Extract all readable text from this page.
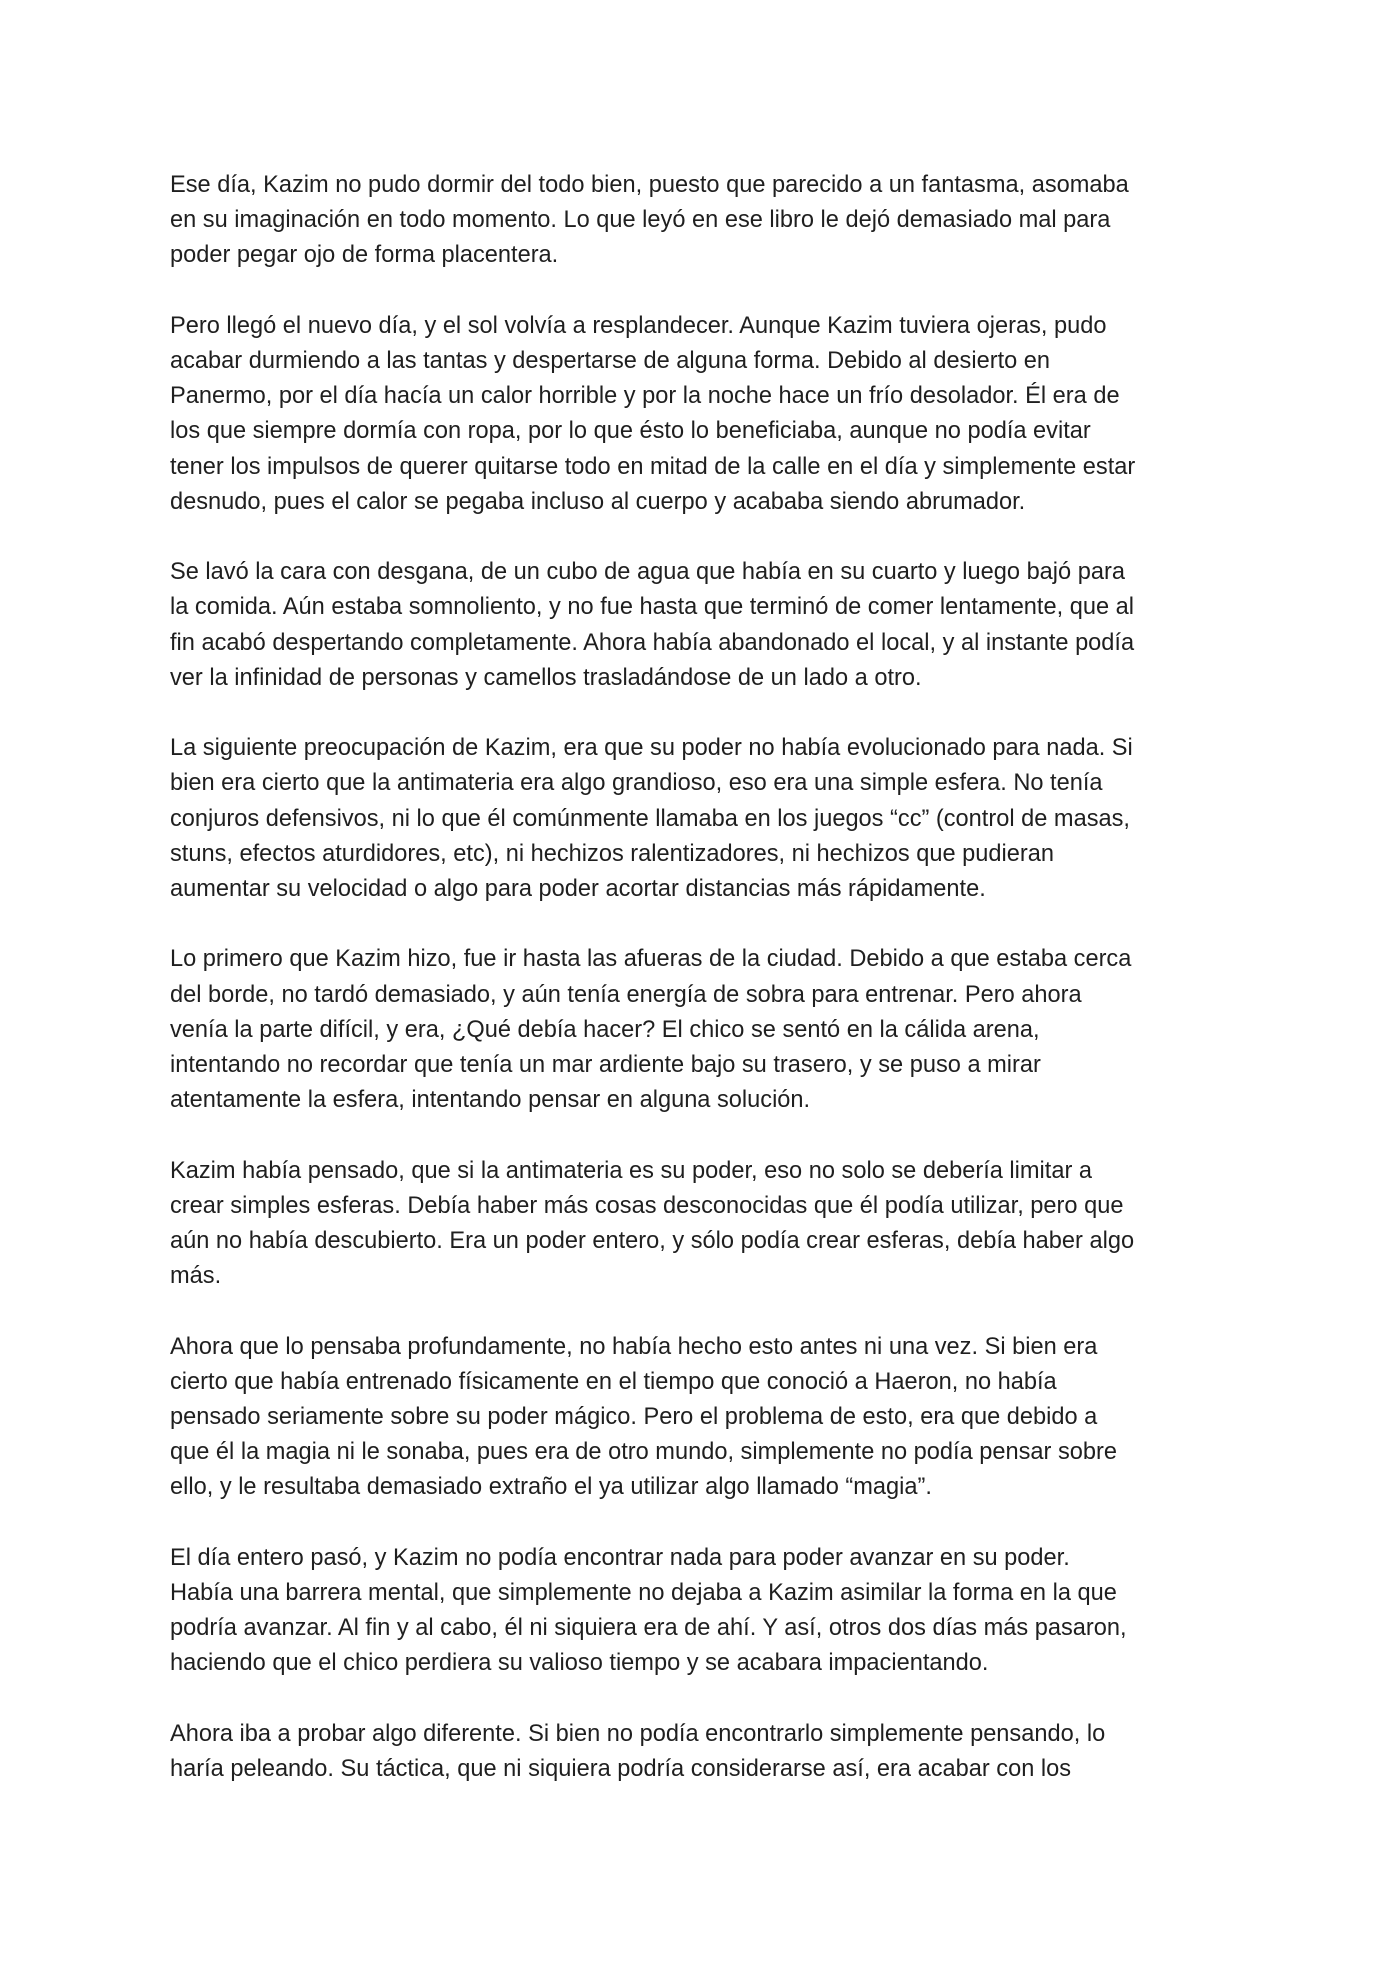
Ese día, Kazim no pudo dormir del todo bien, puesto que parecido a un fantasma, asomaba
en su imaginación en todo momento. Lo que leyó en ese libro le dejó demasiado mal para
poder pegar ojo de forma placentera.

Pero llegó el nuevo día, y el sol volvía a resplandecer. Aunque Kazim tuviera ojeras, pudo
acabar durmiendo a las tantas y despertarse de alguna forma. Debido al desierto en
Panermo, por el día hacía un calor horrible y por la noche hace un frío desolador. Él era de
los que siempre dormía con ropa, por lo que ésto lo beneficiaba, aunque no podía evitar
tener los impulsos de querer quitarse todo en mitad de la calle en el día y simplemente estar
desnudo, pues el calor se pegaba incluso al cuerpo y acababa siendo abrumador.

Se lavó la cara con desgana, de un cubo de agua que había en su cuarto y luego bajó para
la comida. Aún estaba somnoliento, y no fue hasta que terminó de comer lentamente, que al
fin acabó despertando completamente. Ahora había abandonado el local, y al instante podía
ver la infinidad de personas y camellos trasladándose de un lado a otro.

La siguiente preocupación de Kazim, era que su poder no había evolucionado para nada. Si
bien era cierto que la antimateria era algo grandioso, eso era una simple esfera. No tenía
conjuros defensivos, ni lo que él comúnmente llamaba en los juegos “cc” (control de masas,
stuns, efectos aturdidores, etc), ni hechizos ralentizadores, ni hechizos que pudieran
aumentar su velocidad o algo para poder acortar distancias más rápidamente.

Lo primero que Kazim hizo, fue ir hasta las afueras de la ciudad. Debido a que estaba cerca
del borde, no tardó demasiado, y aún tenía energía de sobra para entrenar. Pero ahora
venía la parte difícil, y era, ¿Qué debía hacer? El chico se sentó en la cálida arena,
intentando no recordar que tenía un mar ardiente bajo su trasero, y se puso a mirar
atentamente la esfera, intentando pensar en alguna solución.

Kazim había pensado, que si la antimateria es su poder, eso no solo se debería limitar a
crear simples esferas. Debía haber más cosas desconocidas que él podía utilizar, pero que
aún no había descubierto. Era un poder entero, y sólo podía crear esferas, debía haber algo
más.

Ahora que lo pensaba profundamente, no había hecho esto antes ni una vez. Si bien era
cierto que había entrenado físicamente en el tiempo que conoció a Haeron, no había
pensado seriamente sobre su poder mágico. Pero el problema de esto, era que debido a
que él la magia ni le sonaba, pues era de otro mundo, simplemente no podía pensar sobre
ello, y le resultaba demasiado extraño el ya utilizar algo llamado “magia”.

El día entero pasó, y Kazim no podía encontrar nada para poder avanzar en su poder.
Había una barrera mental, que simplemente no dejaba a Kazim asimilar la forma en la que
podría avanzar. Al fin y al cabo, él ni siquiera era de ahí. Y así, otros dos días más pasaron,
haciendo que el chico perdiera su valioso tiempo y se acabara impacientando.

Ahora iba a probar algo diferente. Si bien no podía encontrarlo simplemente pensando, lo
haría peleando. Su táctica, que ni siquiera podría considerarse así, era acabar con los
